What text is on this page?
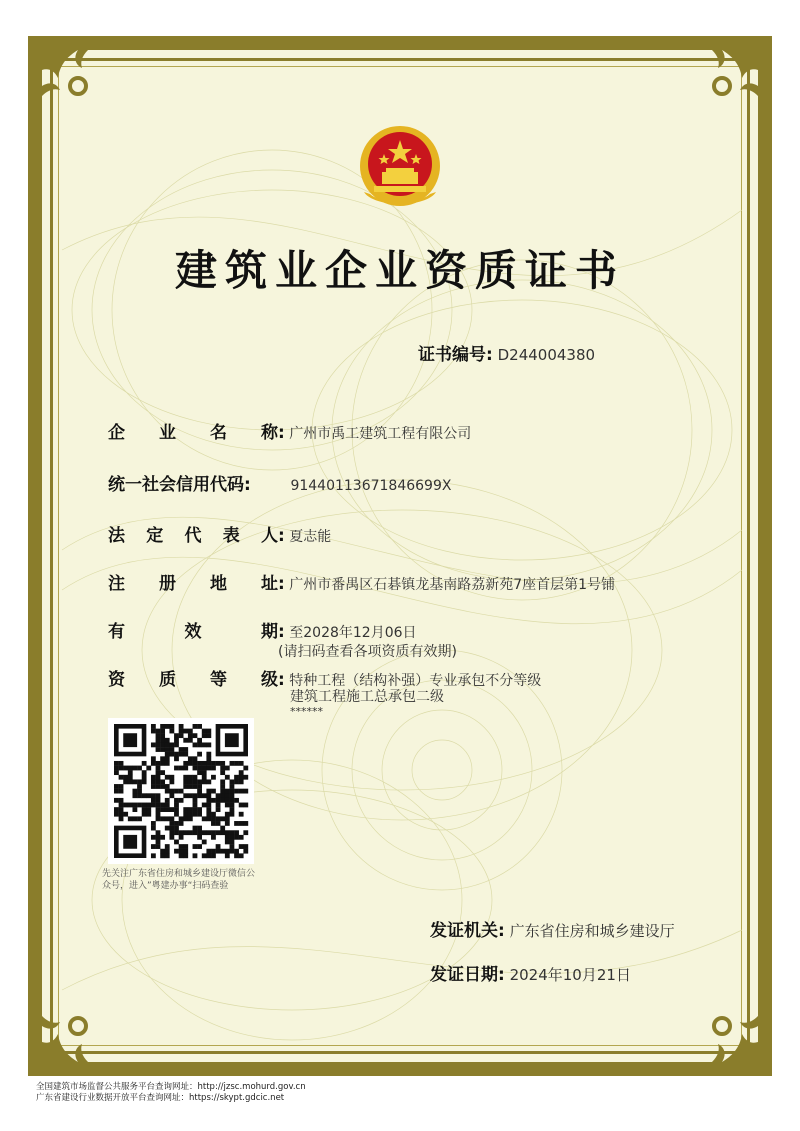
建筑业企业资质证书
证书编号: D244004380
企 业 名 称 : 广州市禹工建筑工程有限公司
统一社会信用代码:	91440113671846699X
法 定 代 表 人 : 夏志能
注 册 地 址 : 广州市番禺区石碁镇龙基南路荔新苑7座首层第1号铺
有	效	期 : 至2028年12月06日
(请扫码查看各项资质有效期)
资 质 等 级 : 特种工程（结构补强）专业承包不分等级
建筑工程施工总承包二级
******
先关注广东省住房和城乡建设厅微信公众号，进入”粤建办事“扫码查验
发证机关: 广东省住房和城乡建设厅
发证日期: 2024年10月21日
全国建筑市场监督公共服务平台查询网址：http://jzsc.mohurd.gov.cn
广东省建设行业数据开放平台查询网址：https://skypt.gdcic.net
